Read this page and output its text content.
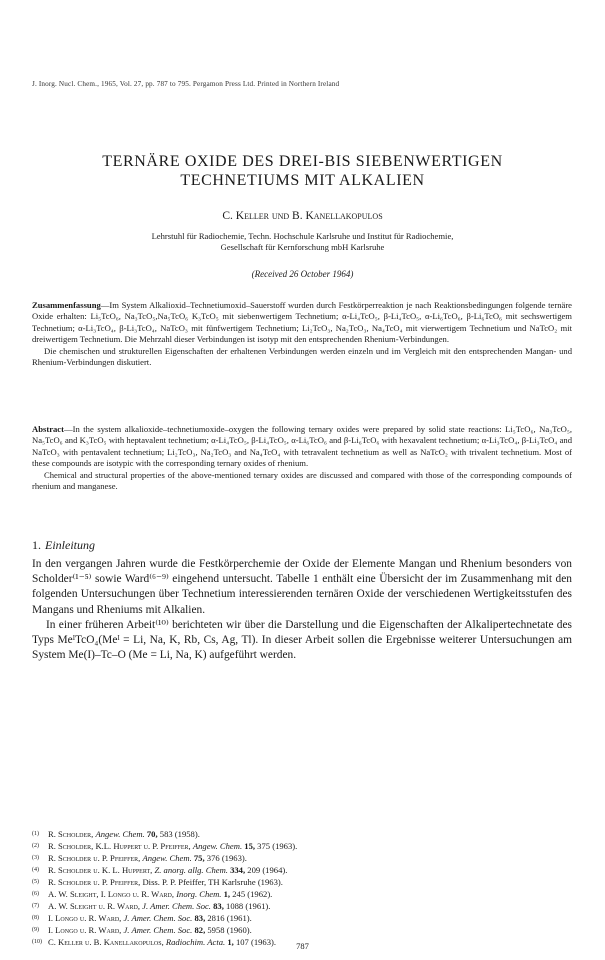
J. Inorg. Nucl. Chem., 1965, Vol. 27, pp. 787 to 795. Pergamon Press Ltd. Printed in Northern Ireland
TERNÄRE OXIDE DES DREI-BIS SIEBENWERTIGEN
TECHNETIUMS MIT ALKALIEN
C. Keller und B. Kanellakopulos
Lehrstuhl für Radiochemie, Techn. Hochschule Karlsruhe und Institut für Radiochemie,
Gesellschaft für Kernforschung mbH Karlsruhe
(Received 26 October 1964)

Zusammenfassung—Im System Alkalioxid–Technetiumoxid–Sauerstoff wurden durch Festkörperreaktion je nach Reaktionsbedingungen folgende ternäre Oxide erhalten: Li₅TcO₆, Na₃TcO₅,Na₅TcO₆ K₃TcO₅ mit siebenwertigem Technetium; α-Li₄TcO₅, β-Li₄TcO₅, α-Li₆TcO₆, β-Li₆TcO₆ mit sechswertigem Technetium; α-Li₃TcO₄, β-Li₃TcO₄, NaTcO₃ mit fünfwertigem Technetium; Li₂TcO₃, Na₂TcO₃, Na₄TcO₄ mit vierwertigem Technetium und NaTcO₂ mit dreiwertigem Technetium. Die Mehrzahl dieser Verbindungen ist isotyp mit den entsprechenden Rhenium-Verbindungen.

Die chemischen und strukturellen Eigenschaften der erhaltenen Verbindungen werden einzeln und im Vergleich mit den entsprechenden Mangan- und Rhenium-Verbindungen diskutiert.

Abstract—In the system alkalioxide–technetiumoxide–oxygen the following ternary oxides were prepared by solid state reactions: Li₅TcO₆, Na₃TcO₅, Na₅TcO₆ and K₃TcO₅ with heptavalent technetium; α-Li₄TcO₅, β-Li₄TcO₅, α-Li₆TcO₆ and β-Li₆TcO₆ with hexavalent technetium; α-Li₃TcO₄, β-Li₃TcO₄ and NaTcO₃ with pentavalent technetium; Li₂TcO₃, Na₂TcO₃ and Na₄TcO₄ with tetravalent technetium as well as NaTcO₂ with trivalent technetium. Most of these compounds are isotypic with the corresponding ternary oxides of rhenium.

Chemical and structural properties of the above-mentioned ternary oxides are discussed and compared with those of the corresponding compounds of rhenium and manganese.

1. Einleitung

In den vergangen Jahren wurde die Festkörperchemie der Oxide der Elemente Mangan und Rhenium besonders von Scholder⁽¹⁻⁵⁾ sowie Ward⁽⁶⁻⁹⁾ eingehend untersucht. Tabelle 1 enthält eine Übersicht der im Zusammenhang mit den folgenden Untersuchungen über Technetium interessierenden ternären Oxide der verschiedenen Wertigkeitsstufen des Mangans und Rheniums mit Alkalien.

In einer früheren Arbeit⁽¹⁰⁾ berichteten wir über die Darstellung und die Eigenschaften der Alkalipertechnetate des Typs MeᴵTcO₄(Meᴵ = Li, Na, K, Rb, Cs, Ag, Tl). In dieser Arbeit sollen die Ergebnisse weiterer Untersuchungen am System Me(I)–Tc–O (Me = Li, Na, K) aufgeführt werden.

(1) R. Scholder, Angew. Chem. 70, 583 (1958).
(2) R. Scholder, K.L. Huppert u. P. Pfeiffer, Angew. Chem. 15, 375 (1963).
(3) R. Scholder u. P. Pfeiffer, Angew. Chem. 75, 376 (1963).
(4) R. Scholder u. K. L. Huppert, Z. anorg. allg. Chem. 334, 209 (1964).
(5) R. Scholder u. P. Pfeiffer, Diss. P. P. Pfeiffer, TH Karlsruhe (1963).
(6) A. W. Sleight, I. Longo u. R. Ward, Inorg. Chem. 1, 245 (1962).
(7) A. W. Sleight u. R. Ward, J. Amer. Chem. Soc. 83, 1088 (1961).
(8) I. Longo u. R. Ward, J. Amer. Chem. Soc. 83, 2816 (1961).
(9) I. Longo u. R. Ward, J. Amer. Chem. Soc. 82, 5958 (1960).
(10) C. Keller u. B. Kanellakopulos, Radiochim. Acta. 1, 107 (1963).	787
